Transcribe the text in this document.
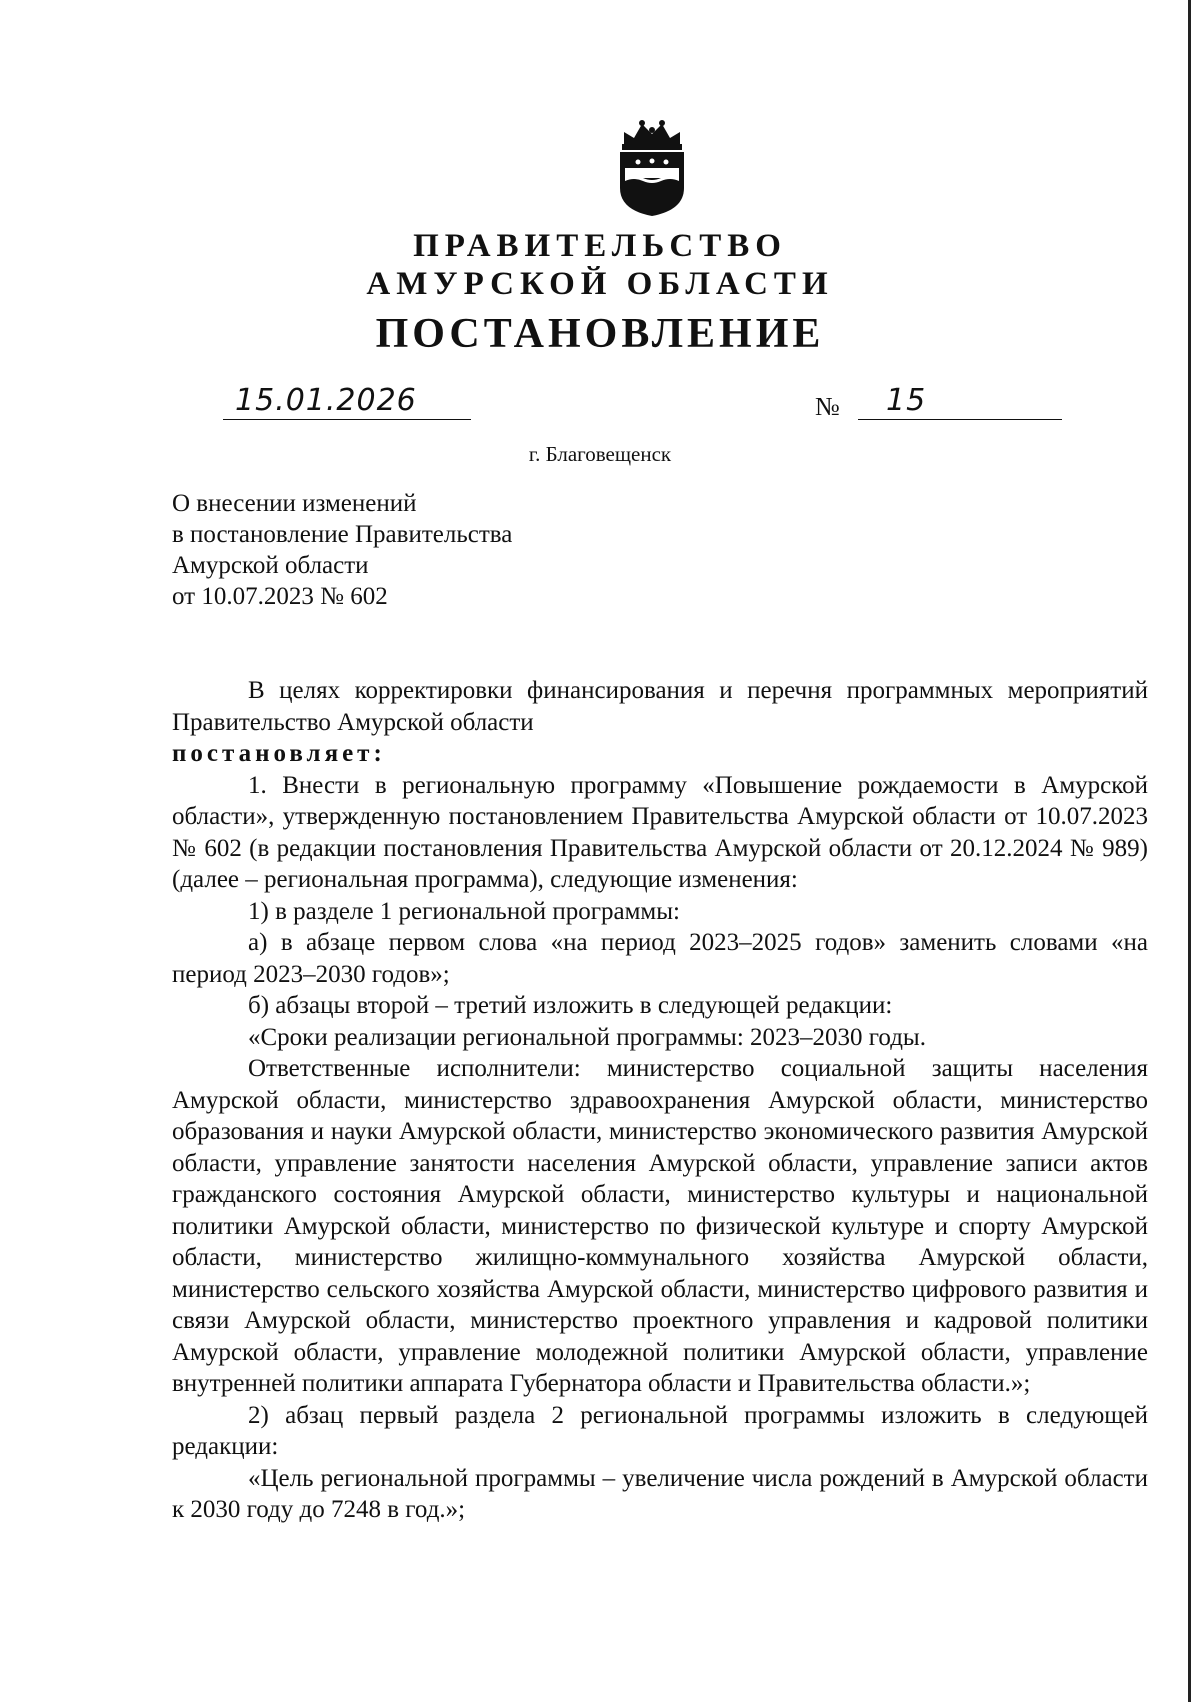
ПРАВИТЕЛЬСТВО
АМУРСКОЙ ОБЛАСТИ
ПОСТАНОВЛЕНИЕ
15.01.2026	№ 15
г. Благовещенск
О внесении изменений
в постановление Правительства
Амурской области
от 10.07.2023 № 602

В целях корректировки финансирования и перечня программных мероприятий Правительство Амурской области

постановляет:

1. Внести в региональную программу «Повышение рождаемости в Амурской области», утвержденную постановлением Правительства Амурской области от 10.07.2023 № 602 (в редакции постановления Правительства Амурской области от 20.12.2024 № 989) (далее – региональная программа), следующие изменения:

1) в разделе 1 региональной программы:

а) в абзаце первом слова «на период 2023–2025 годов» заменить словами «на период 2023–2030 годов»;

б) абзацы второй – третий изложить в следующей редакции:

«Сроки реализации региональной программы: 2023–2030 годы.

Ответственные исполнители: министерство социальной защиты населения Амурской области, министерство здравоохранения Амурской области, министерство образования и науки Амурской области, министерство экономического развития Амурской области, управление занятости населения Амурской области, управление записи актов гражданского состояния Амурской области, министерство культуры и национальной политики Амурской области, министерство по физической культуре и спорту Амурской области, министерство жилищно-коммунального хозяйства Амурской области, министерство сельского хозяйства Амурской области, министерство цифрового развития и связи Амурской области, министерство проектного управления и кадровой политики Амурской области, управление молодежной политики Амурской области, управление внутренней политики аппарата Губернатора области и Правительства области.»;

2) абзац первый раздела 2 региональной программы изложить в следующей редакции:

«Цель региональной программы – увеличение числа рождений в Амурской области к 2030 году до 7248 в год.»;
